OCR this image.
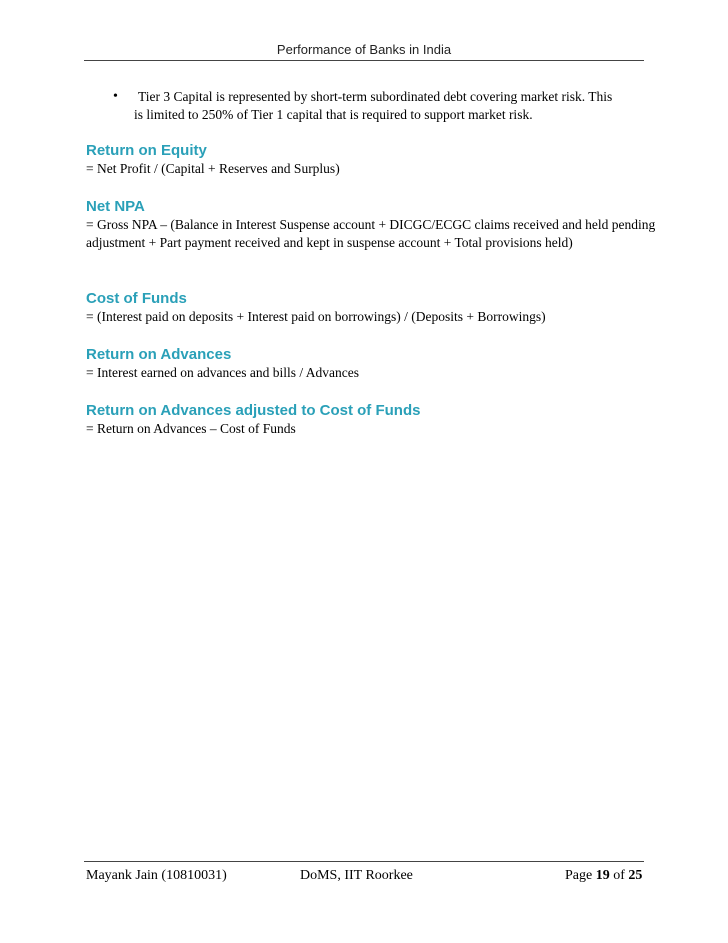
Performance of Banks in India
• Tier 3 Capital is represented by short-term subordinated debt covering market risk. This
is limited to 250% of Tier 1 capital that is required to support market risk.
Return on Equity

= Net Profit / (Capital + Reserves and Surplus)

Net NPA

= Gross NPA – (Balance in Interest Suspense account + DICGC/ECGC claims received and held pending adjustment + Part payment received and kept in suspense account + Total provisions held)

Cost of Funds

= (Interest paid on deposits + Interest paid on borrowings) / (Deposits + Borrowings)

Return on Advances

= Interest earned on advances and bills / Advances

Return on Advances adjusted to Cost of Funds

= Return on Advances – Cost of Funds

Mayank Jain (10810031)	DoMS, IIT Roorkee	Page 19 of 25
